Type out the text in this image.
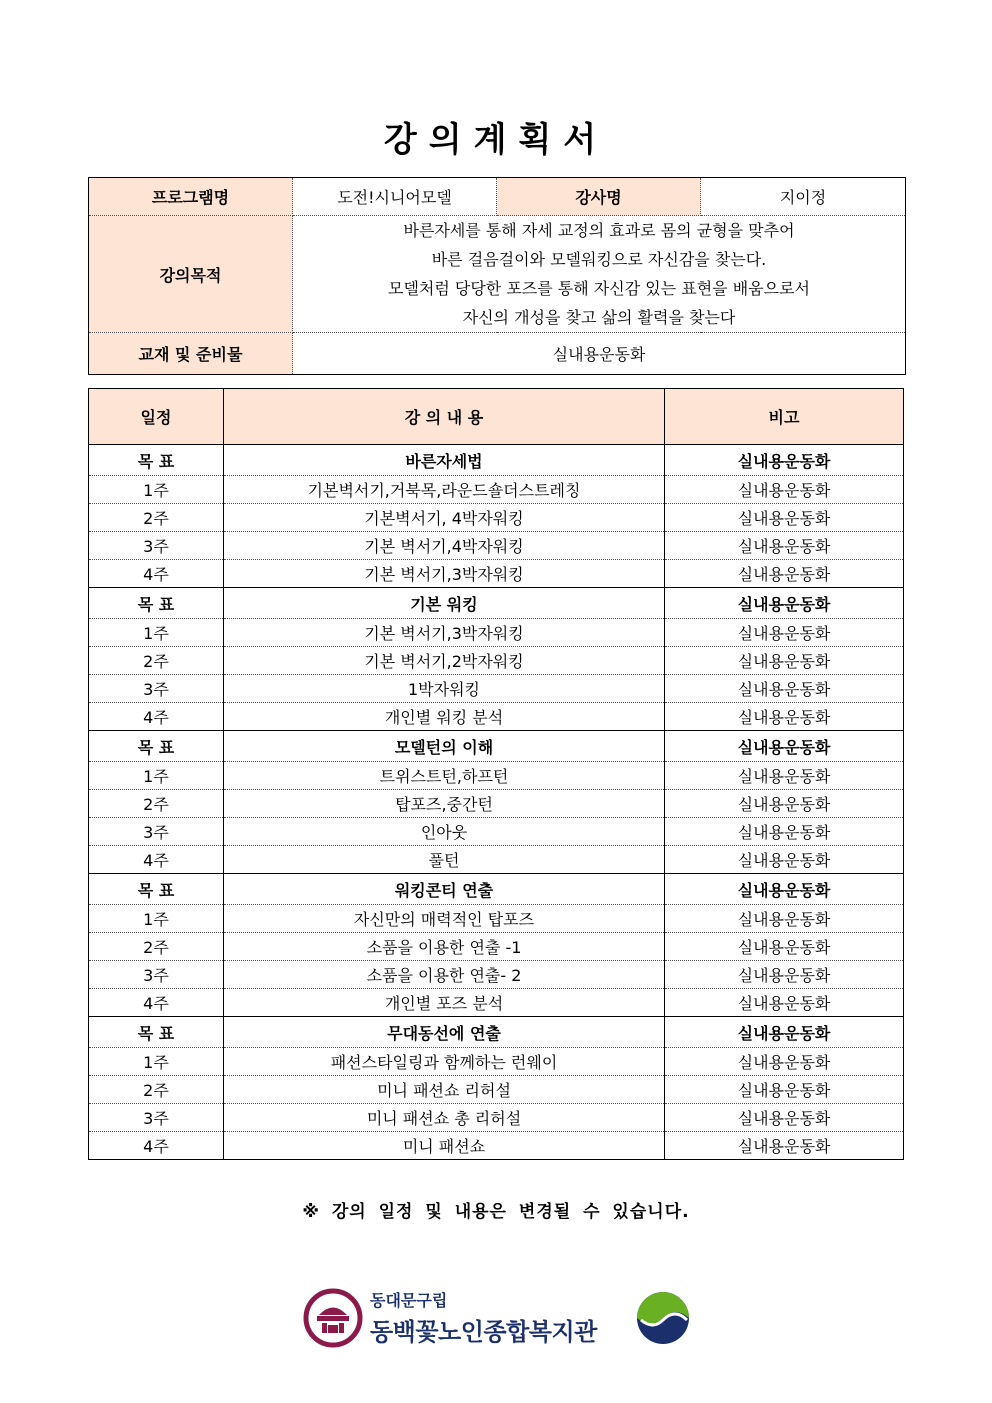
강의계획서
프로그램명	도전!시니어모델	강사명	지이정
강의목적	바른자세를 통해 자세 교정의 효과로 몸의 균형을 맞추어
바른 걸음걸이와 모델워킹으로 자신감을 찾는다.
모델처럼 당당한 포즈를 통해 자신감 있는 표현을 배움으로서
자신의 개성을 찾고 삶의 활력을 찾는다		

교재 및 준비물	실내용운동화		
일정	강 의 내 용	비고
목 표	바른자세법	실내용운동화
1주	기본벽서기,거북목,라운드숄더스트레칭	실내용운동화
2주	기본벽서기, 4박자워킹	실내용운동화
3주	기본 벽서기,4박자워킹	실내용운동화
4주	기본 벽서기,3박자워킹	실내용운동화
목 표	기본 워킹	실내용운동화
1주	기본 벽서기,3박자워킹	실내용운동화
2주	기본 벽서기,2박자워킹	실내용운동화
3주	1박자워킹	실내용운동화
4주	개인별 워킹 분석	실내용운동화
목 표	모델턴의 이해	실내용운동화
1주	트위스트턴,하프턴	실내용운동화
2주	탑포즈,중간턴	실내용운동화
3주	인아웃	실내용운동화
4주	풀턴	실내용운동화
목 표	워킹콘티 연출	실내용운동화
1주	자신만의 매력적인 탑포즈	실내용운동화
2주	소품을 이용한 연출 -1	실내용운동화
3주	소품을 이용한 연출- 2	실내용운동화
4주	개인별 포즈 분석	실내용운동화
목 표	무대동선에 연출	실내용운동화
1주	패션스타일링과 함께하는 런웨이	실내용운동화
2주	미니 패션쇼 리허설	실내용운동화
3주	미니 패션쇼 총 리허설	실내용운동화
4주	미니 패션쇼	실내용운동화
※ 강의 일정 및 내용은 변경될 수 있습니다.
동대문구립
동백꽃노인종합복지관
